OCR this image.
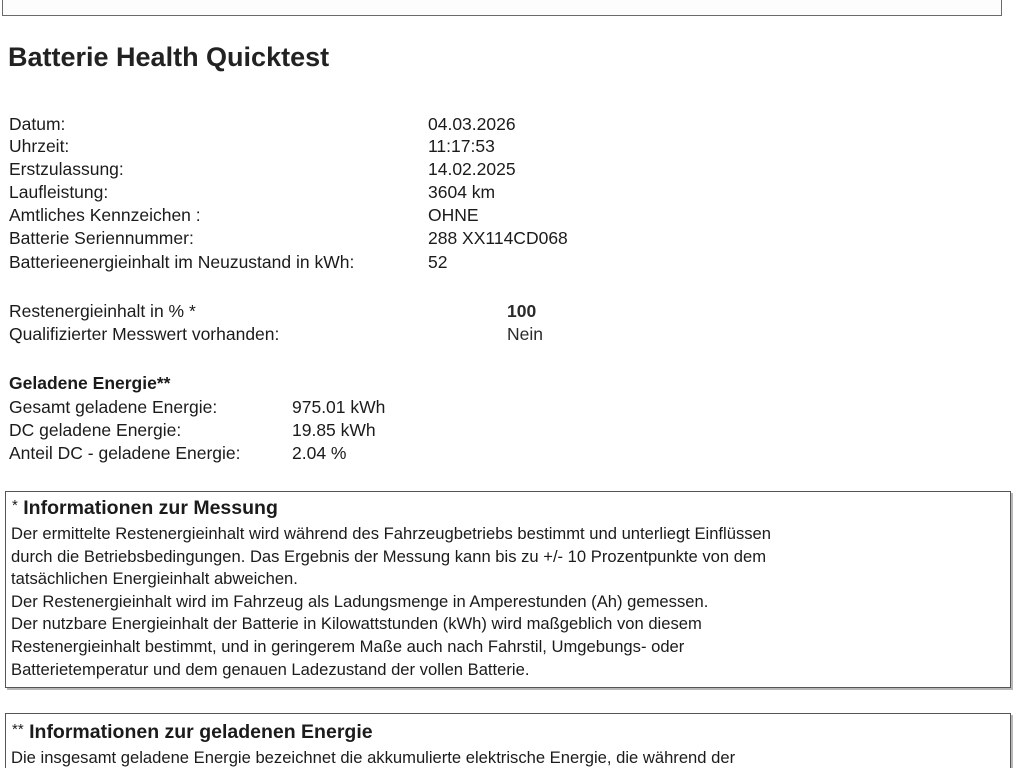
Batterie Health Quicktest
Datum:	04.03.2026
Uhrzeit:	11:17:53
Erstzulassung:	14.02.2025
Laufleistung:	3604 km
Amtliches Kennzeichen :	OHNE
Batterie Seriennummer:	288 XX114CD068
Batterieenergieinhalt im Neuzustand in kWh:	52
Restenergieinhalt in % *	100
Qualifizierter Messwert vorhanden:	Nein
Geladene Energie**
Gesamt geladene Energie:	975.01 kWh
DC geladene Energie:	19.85 kWh
Anteil DC - geladene Energie:	2.04 %
* Informationen zur Messung
Der ermittelte Restenergieinhalt wird während des Fahrzeugbetriebs bestimmt und unterliegt Einflüssen
durch die Betriebsbedingungen. Das Ergebnis der Messung kann bis zu +/- 10 Prozentpunkte von dem
tatsächlichen Energieinhalt abweichen.
Der Restenergieinhalt wird im Fahrzeug als Ladungsmenge in Amperestunden (Ah) gemessen.
Der nutzbare Energieinhalt der Batterie in Kilowattstunden (kWh) wird maßgeblich von diesem
Restenergieinhalt bestimmt, und in geringerem Maße auch nach Fahrstil, Umgebungs- oder
Batterietemperatur und dem genauen Ladezustand der vollen Batterie.
** Informationen zur geladenen Energie
Die insgesamt geladene Energie bezeichnet die akkumulierte elektrische Energie, die während der
